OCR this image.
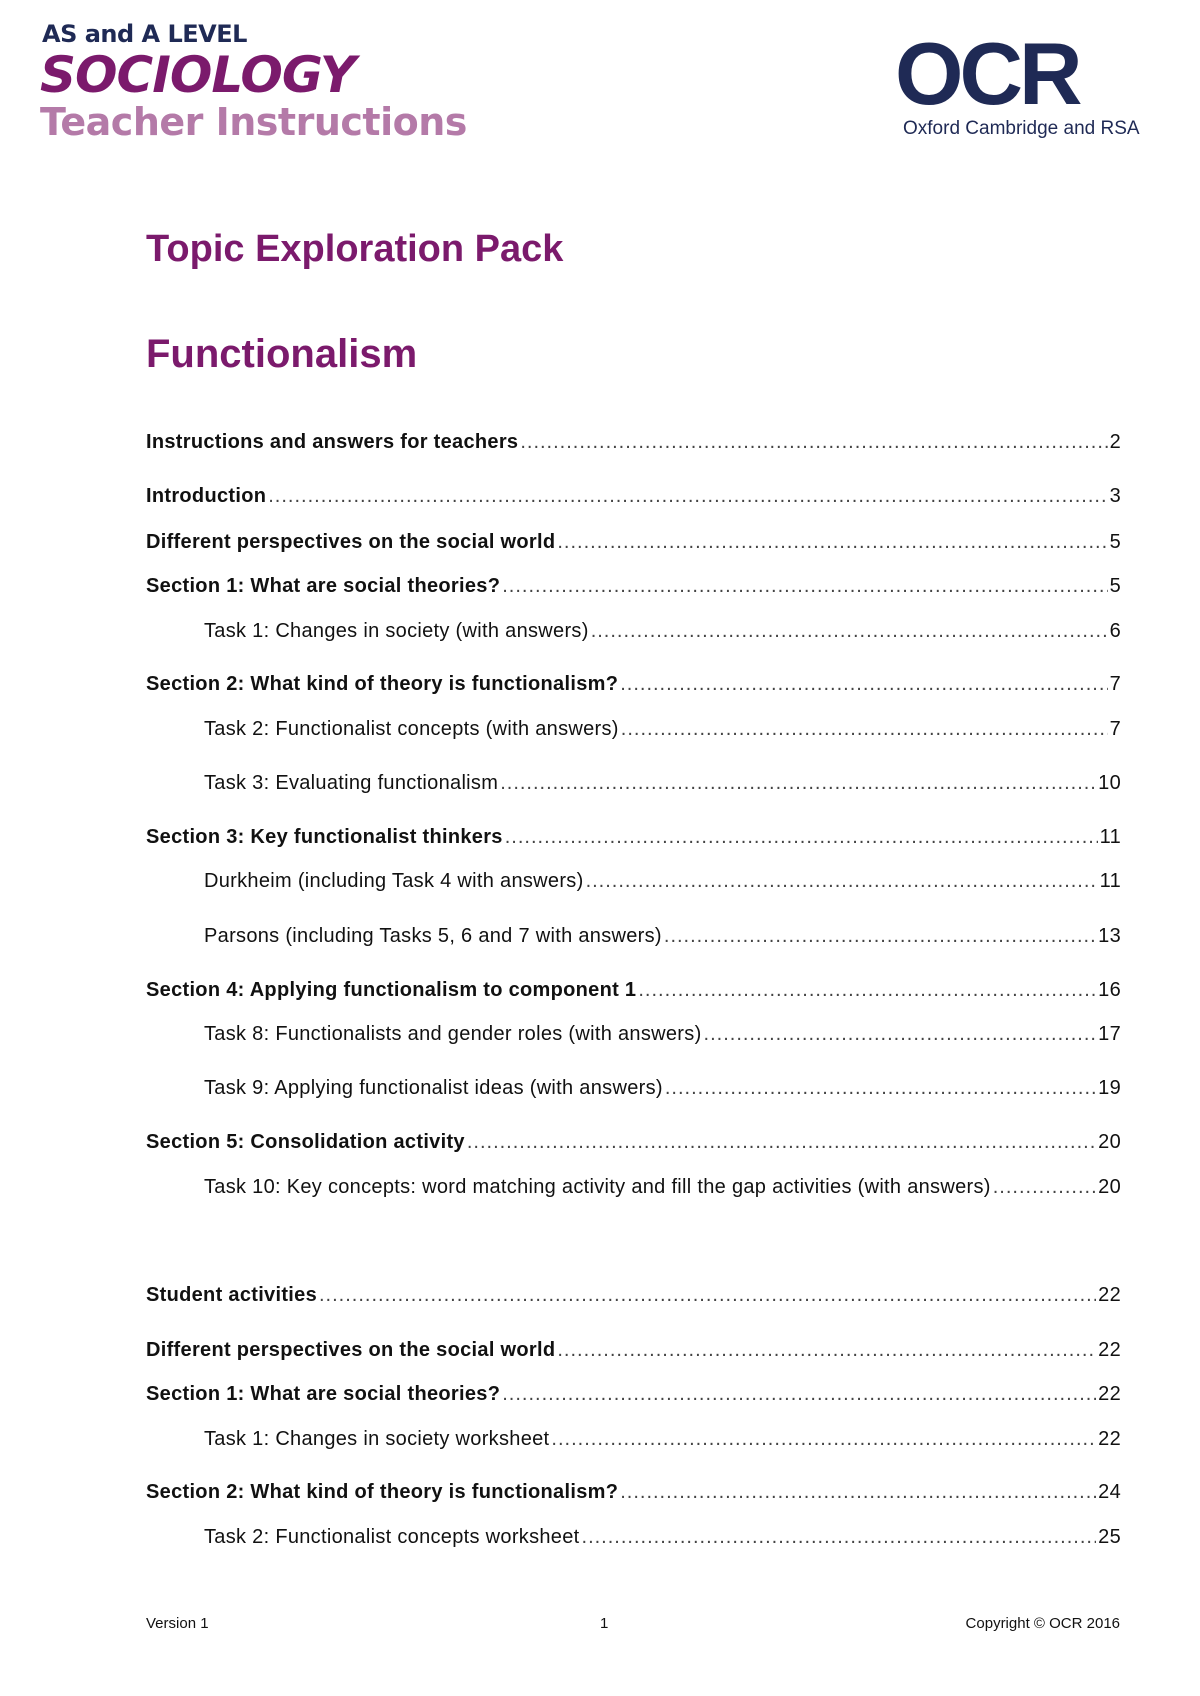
AS and A LEVEL
SOCIOLOGY
Teacher Instructions	OCR
Oxford Cambridge and RSA
Topic Exploration Pack
Functionalism
Instructions and answers for teachers .....	2
Introduction .....	3
Different perspectives on the social world .....	5
Section 1: What are social theories? .....	5
Task 1: Changes in society (with answers) .....	6
Section 2: What kind of theory is functionalism? .....	7
Task 2: Functionalist concepts (with answers) .....	7
Task 3: Evaluating functionalism .....	10
Section 3: Key functionalist thinkers .....	11
Durkheim (including Task 4 with answers) .....	11
Parsons (including Tasks 5, 6 and 7 with answers) .....	13
Section 4: Applying functionalism to component 1 .....	16
Task 8: Functionalists and gender roles (with answers) .....	17
Task 9: Applying functionalist ideas (with answers) .....	19
Section 5: Consolidation activity .....	20
Task 10: Key concepts: word matching activity and fill the gap activities (with answers) .....	20
Student activities .....	22
Different perspectives on the social world .....	22
Section 1: What are social theories? .....	22
Task 1: Changes in society worksheet .....	22
Section 2: What kind of theory is functionalism? .....	24
Task 2: Functionalist concepts worksheet .....	25
Version 1	1	Copyright © OCR 2016
